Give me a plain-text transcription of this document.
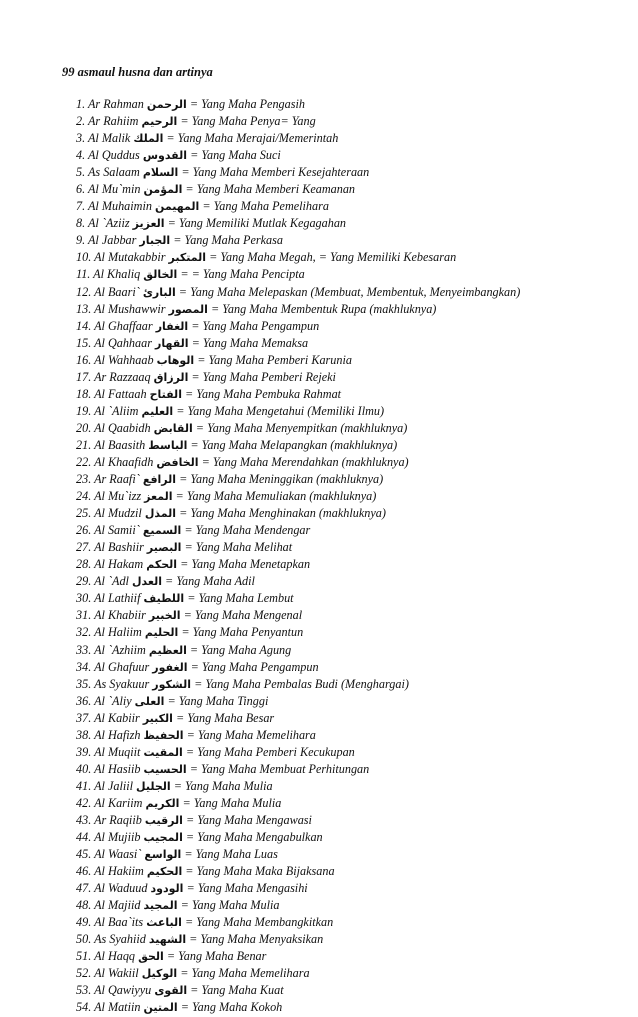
99 asmaul husna dan artinya
1. Ar Rahman الرحمن = Yang Maha Pengasih
2. Ar Rahiim الرحيم = Yang Maha Penya= Yang
3. Al Malik الملك = Yang Maha Merajai/Memerintah
4. Al Quddus القدوس = Yang Maha Suci
5. As Salaam السلام = Yang Maha Memberi Kesejahteraan
6. Al Mu`min المؤمن = Yang Maha Memberi Keamanan
7. Al Muhaimin المهيمن = Yang Maha Pemelihara
8. Al `Aziiz العزيز = Yang Memiliki Mutlak Kegagahan
9. Al Jabbar الجبار = Yang Maha Perkasa
10. Al Mutakabbir المتكبر = Yang Maha Megah, = Yang Memiliki Kebesaran
11. Al Khaliq الخالق = = Yang Maha Pencipta
12. Al Baari` البارئ = Yang Maha Melepaskan (Membuat, Membentuk, Menyeimbangkan)
13. Al Mushawwir المصور = Yang Maha Membentuk Rupa (makhluknya)
14. Al Ghaffaar الغفار = Yang Maha Pengampun
15. Al Qahhaar القهار = Yang Maha Memaksa
16. Al Wahhaab الوهاب = Yang Maha Pemberi Karunia
17. Ar Razzaaq الرزاق = Yang Maha Pemberi Rejeki
18. Al Fattaah الفتاح = Yang Maha Pembuka Rahmat
19. Al `Aliim العليم = Yang Maha Mengetahui (Memiliki Ilmu)
20. Al Qaabidh القابض = Yang Maha Menyempitkan (makhluknya)
21. Al Baasith الباسط = Yang Maha Melapangkan (makhluknya)
22. Al Khaafidh الخافض = Yang Maha Merendahkan (makhluknya)
23. Ar Raafi` الرافع = Yang Maha Meninggikan (makhluknya)
24. Al Mu`izz المعز = Yang Maha Memuliakan (makhluknya)
25. Al Mudzil المذل = Yang Maha Menghinakan (makhluknya)
26. Al Samii` السميع = Yang Maha Mendengar
27. Al Bashiir البصير = Yang Maha Melihat
28. Al Hakam الحكم = Yang Maha Menetapkan
29. Al `Adl العدل = Yang Maha Adil
30. Al Lathiif اللطيف = Yang Maha Lembut
31. Al Khabiir الخبير = Yang Maha Mengenal
32. Al Haliim الحليم = Yang Maha Penyantun
33. Al `Azhiim العظيم = Yang Maha Agung
34. Al Ghafuur الغفور = Yang Maha Pengampun
35. As Syakuur الشكور = Yang Maha Pembalas Budi (Menghargai)
36. Al `Aliy العلى = Yang Maha Tinggi
37. Al Kabiir الكبير = Yang Maha Besar
38. Al Hafizh الحفيظ = Yang Maha Memelihara
39. Al Muqiit المقيت = Yang Maha Pemberi Kecukupan
40. Al Hasiib الحسيب = Yang Maha Membuat Perhitungan
41. Al Jaliil الجليل = Yang Maha Mulia
42. Al Kariim الكريم = Yang Maha Mulia
43. Ar Raqiib الرقيب = Yang Maha Mengawasi
44. Al Mujiib المجيب = Yang Maha Mengabulkan
45. Al Waasi` الواسع = Yang Maha Luas
46. Al Hakiim الحكيم = Yang Maha Maka Bijaksana
47. Al Waduud الودود = Yang Maha Mengasihi
48. Al Majiid المجيد = Yang Maha Mulia
49. Al Baa`its الباعث = Yang Maha Membangkitkan
50. As Syahiid الشهيد = Yang Maha Menyaksikan
51. Al Haqq الحق = Yang Maha Benar
52. Al Wakiil الوكيل = Yang Maha Memelihara
53. Al Qawiyyu القوى = Yang Maha Kuat
54. Al Matiin المتين = Yang Maha Kokoh
